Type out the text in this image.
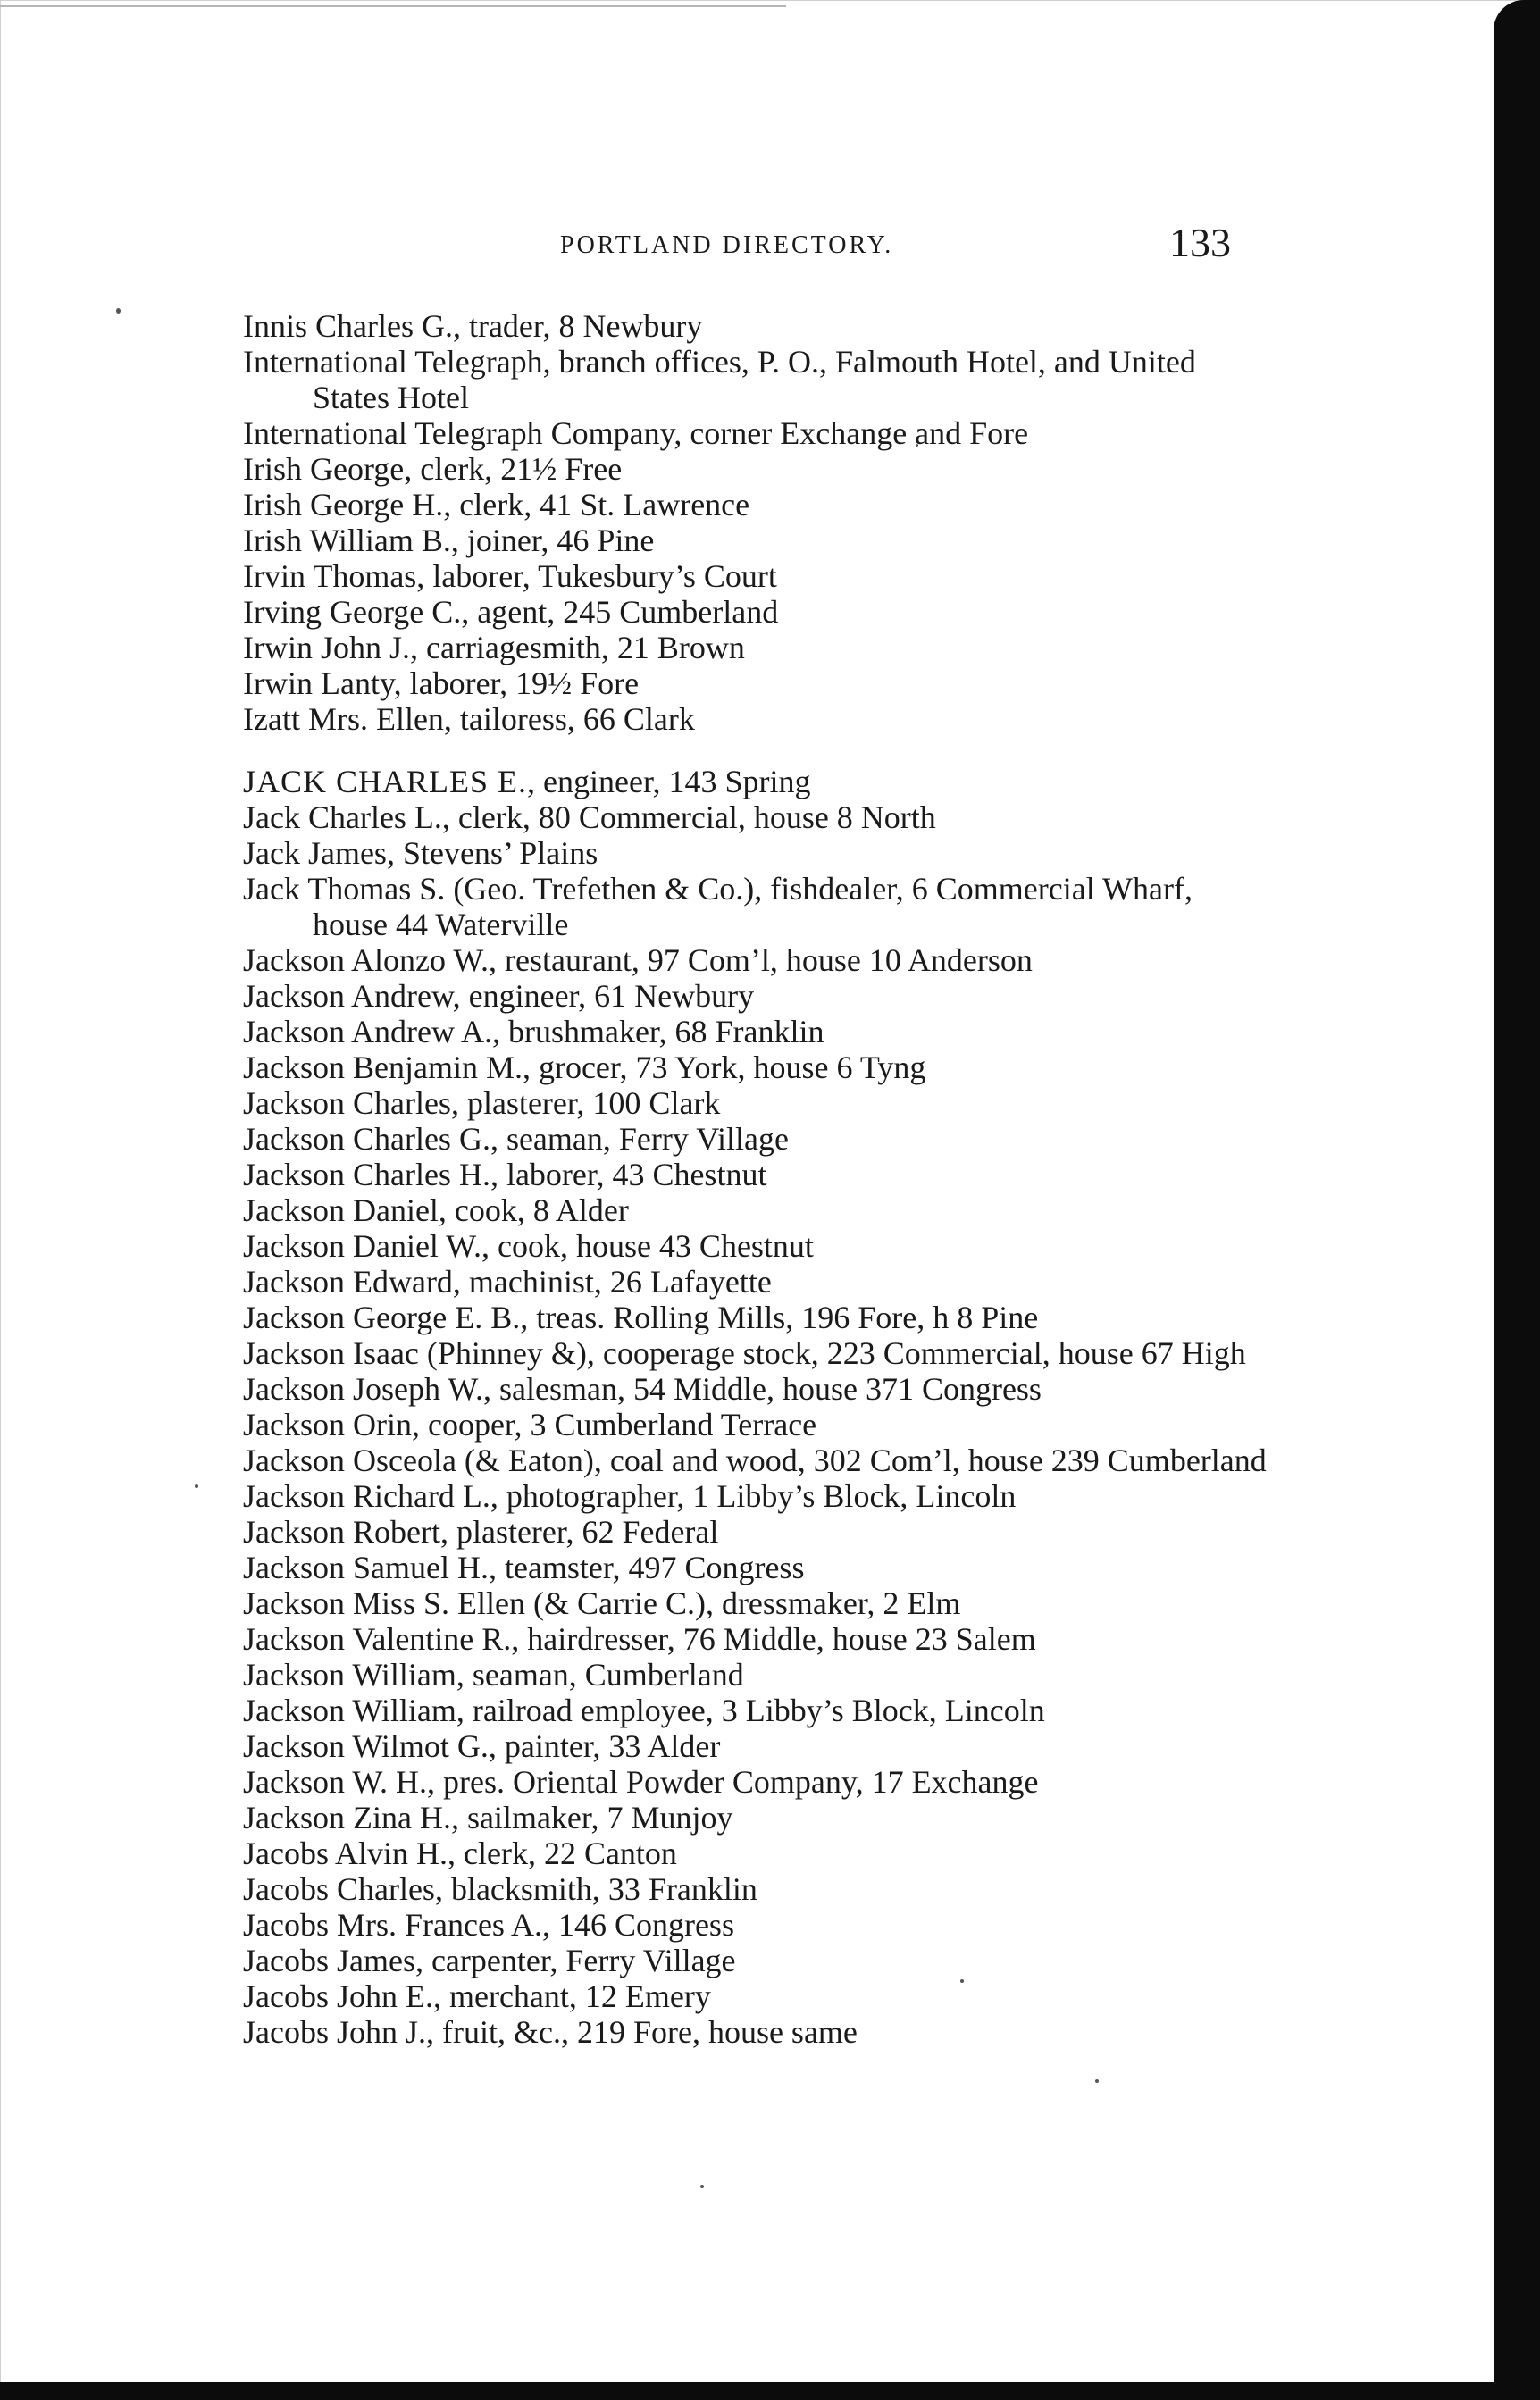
PORTLAND DIRECTORY.	133
Innis Charles G., trader, 8 Newbury
International Telegraph, branch offices, P. O., Falmouth Hotel, and United States Hotel
International Telegraph Company, corner Exchange and Fore
Irish George, clerk, 21½ Free
Irish George H., clerk, 41 St. Lawrence
Irish William B., joiner, 46 Pine
Irvin Thomas, laborer, Tukesbury’s Court
Irving George C., agent, 245 Cumberland
Irwin John J., carriagesmith, 21 Brown
Irwin Lanty, laborer, 19½ Fore
Izatt Mrs. Ellen, tailoress, 66 Clark
JACK CHARLES E., engineer, 143 Spring
Jack Charles L., clerk, 80 Commercial, house 8 North
Jack James, Stevens’ Plains
Jack Thomas S. (Geo. Trefethen & Co.), fishdealer, 6 Commercial Wharf, house 44 Waterville
Jackson Alonzo W., restaurant, 97 Com’l, house 10 Anderson
Jackson Andrew, engineer, 61 Newbury
Jackson Andrew A., brushmaker, 68 Franklin
Jackson Benjamin M., grocer, 73 York, house 6 Tyng
Jackson Charles, plasterer, 100 Clark
Jackson Charles G., seaman, Ferry Village
Jackson Charles H., laborer, 43 Chestnut
Jackson Daniel, cook, 8 Alder
Jackson Daniel W., cook, house 43 Chestnut
Jackson Edward, machinist, 26 Lafayette
Jackson George E. B., treas. Rolling Mills, 196 Fore, h 8 Pine
Jackson Isaac (Phinney &), cooperage stock, 223 Commercial, house 67 High
Jackson Joseph W., salesman, 54 Middle, house 371 Congress
Jackson Orin, cooper, 3 Cumberland Terrace
Jackson Osceola (& Eaton), coal and wood, 302 Com’l, house 239 Cumberland
Jackson Richard L., photographer, 1 Libby’s Block, Lincoln
Jackson Robert, plasterer, 62 Federal
Jackson Samuel H., teamster, 497 Congress
Jackson Miss S. Ellen (& Carrie C.), dressmaker, 2 Elm
Jackson Valentine R., hairdresser, 76 Middle, house 23 Salem
Jackson William, seaman, Cumberland
Jackson William, railroad employee, 3 Libby’s Block, Lincoln
Jackson Wilmot G., painter, 33 Alder
Jackson W. H., pres. Oriental Powder Company, 17 Exchange
Jackson Zina H., sailmaker, 7 Munjoy
Jacobs Alvin H., clerk, 22 Canton
Jacobs Charles, blacksmith, 33 Franklin
Jacobs Mrs. Frances A., 146 Congress
Jacobs James, carpenter, Ferry Village
Jacobs John E., merchant, 12 Emery
Jacobs John J., fruit, &c., 219 Fore, house same
